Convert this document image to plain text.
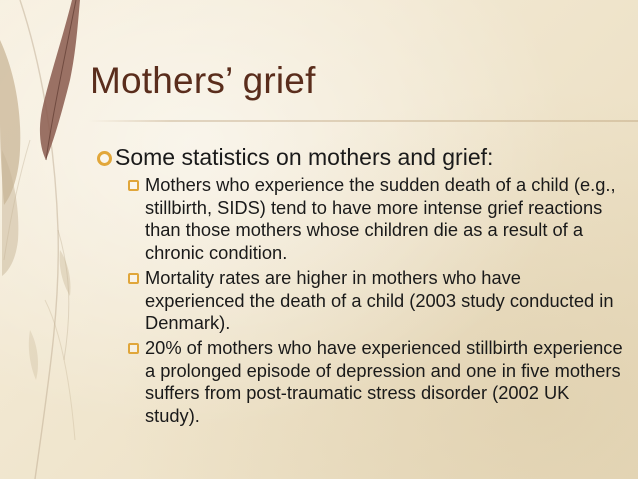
Mothers’ grief
Some statistics on mothers and grief:
Mothers who experience the sudden death of a child (e.g., stillbirth, SIDS) tend to have more intense grief reactions than those mothers whose children die as a result of a chronic condition.
Mortality rates are higher in mothers who have experienced the death of a child (2003 study conducted in Denmark).
20% of mothers who have experienced stillbirth experience a prolonged episode of depression and one in five mothers suffers from post-traumatic stress disorder (2002 UK study).
